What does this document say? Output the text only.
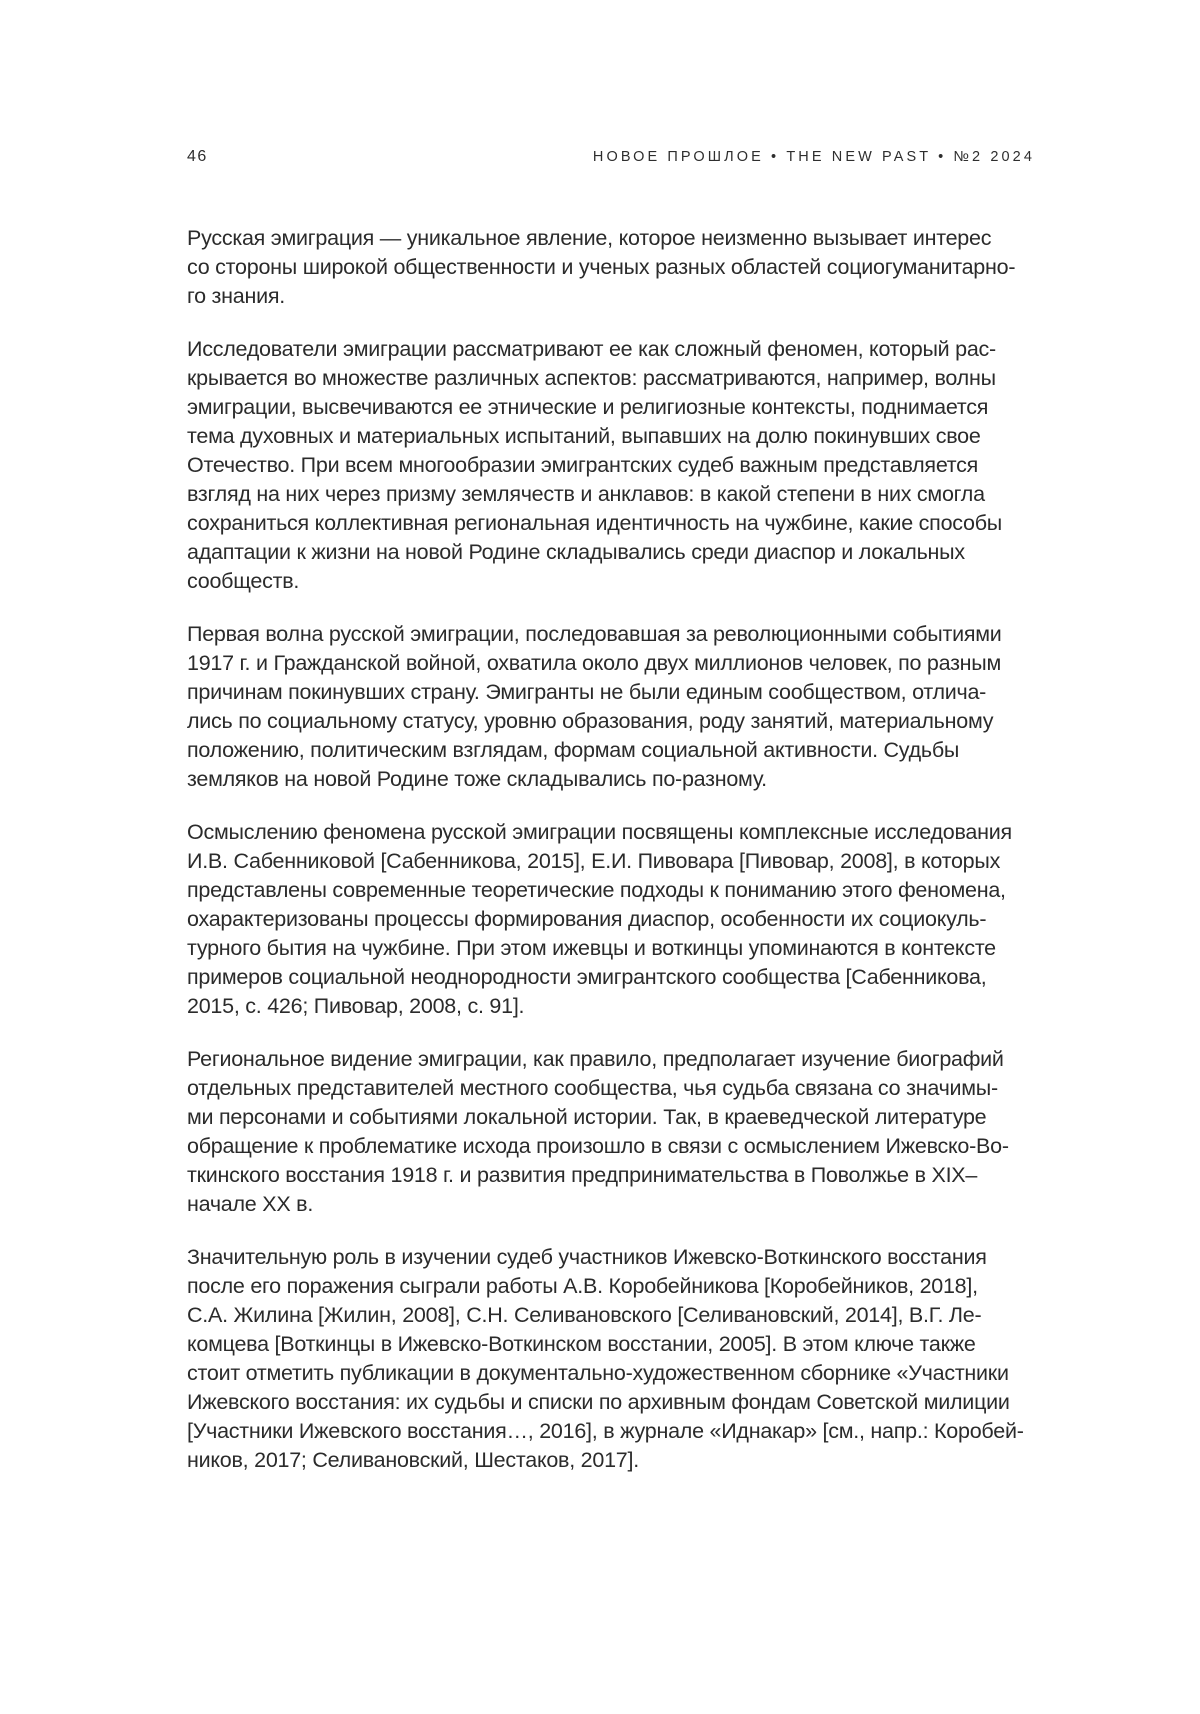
46	НОВОЕ ПРОШЛОЕ • THE NEW PAST • №2 2024

Русская эмиграция — уникальное явление, которое неизменно вызывает интерес
со стороны широкой общественности и ученых разных областей социогуманитарно-
го знания.

Исследователи эмиграции рассматривают ее как сложный феномен, который рас-
крывается во множестве различных аспектов: рассматриваются, например, волны
эмиграции, высвечиваются ее этнические и религиозные контексты, поднимается
тема духовных и материальных испытаний, выпавших на долю покинувших свое
Отечество. При всем многообразии эмигрантских судеб важным представляется
взгляд на них через призму землячеств и анклавов: в какой степени в них смогла
сохраниться коллективная региональная идентичность на чужбине, какие способы
адаптации к жизни на новой Родине складывались среди диаспор и локальных
сообществ.

Первая волна русской эмиграции, последовавшая за революционными событиями
1917 г. и Гражданской войной, охватила около двух миллионов человек, по разным
причинам покинувших страну. Эмигранты не были единым сообществом, отлича-
лись по социальному статусу, уровню образования, роду занятий, материальному
положению, политическим взглядам, формам социальной активности. Судьбы
земляков на новой Родине тоже складывались по-разному.

Осмыслению феномена русской эмиграции посвящены комплексные исследования
И.В. Сабенниковой [Сабенникова, 2015], Е.И. Пивовара [Пивовар, 2008], в которых
представлены современные теоретические подходы к пониманию этого феномена,
охарактеризованы процессы формирования диаспор, особенности их социокуль-
турного бытия на чужбине. При этом ижевцы и воткинцы упоминаются в контексте
примеров социальной неоднородности эмигрантского сообщества [Сабенникова,
2015, с. 426; Пивовар, 2008, с. 91].

Региональное видение эмиграции, как правило, предполагает изучение биографий
отдельных представителей местного сообщества, чья судьба связана со значимы-
ми персонами и событиями локальной истории. Так, в краеведческой литературе
обращение к проблематике исхода произошло в связи с осмыслением Ижевско-Во-
ткинского восстания 1918 г. и развития предпринимательства в Поволжье в XIX–
начале XX в.

Значительную роль в изучении судеб участников Ижевско-Воткинского восстания
после его поражения сыграли работы А.В. Коробейникова [Коробейников, 2018],
С.А. Жилина [Жилин, 2008], С.Н. Селивановского [Селивановский, 2014], В.Г. Ле-
комцева [Воткинцы в Ижевско-Воткинском восстании, 2005]. В этом ключе также
стоит отметить публикации в документально-художественном сборнике «Участники
Ижевского восстания: их судьбы и списки по архивным фондам Советской милиции
[Участники Ижевского восстания…, 2016], в журнале «Иднакар» [см., напр.: Коробей-
ников, 2017; Селивановский, Шестаков, 2017].
